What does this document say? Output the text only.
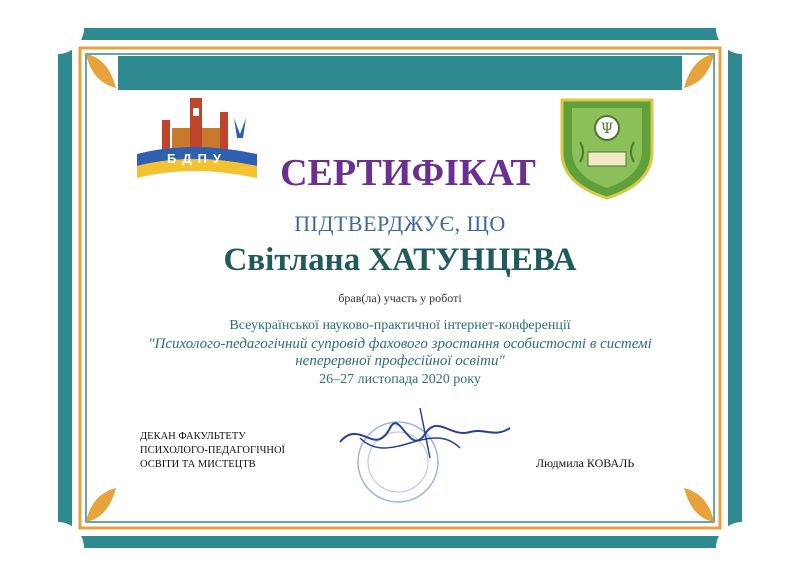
БДПУ
Ψ
СЕРТИФІКАТ
ПІДТВЕРДЖУЄ, ЩО
Світлана ХАТУНЦЕВА
брав(ла) участь у роботі
Всеукраїнської науково-практичної інтернет-конференції
"Психолого-педагогічний супровід фахового зростання особистості в системі неперервної професійної освіти"
26–27 листопада 2020 року
ДЕКАН ФАКУЛЬТЕТУ ПСИХОЛОГО-ПЕДАГОГІЧНОЇ ОСВІТИ ТА МИСТЕЦТВ	Людмила КОВАЛЬ
